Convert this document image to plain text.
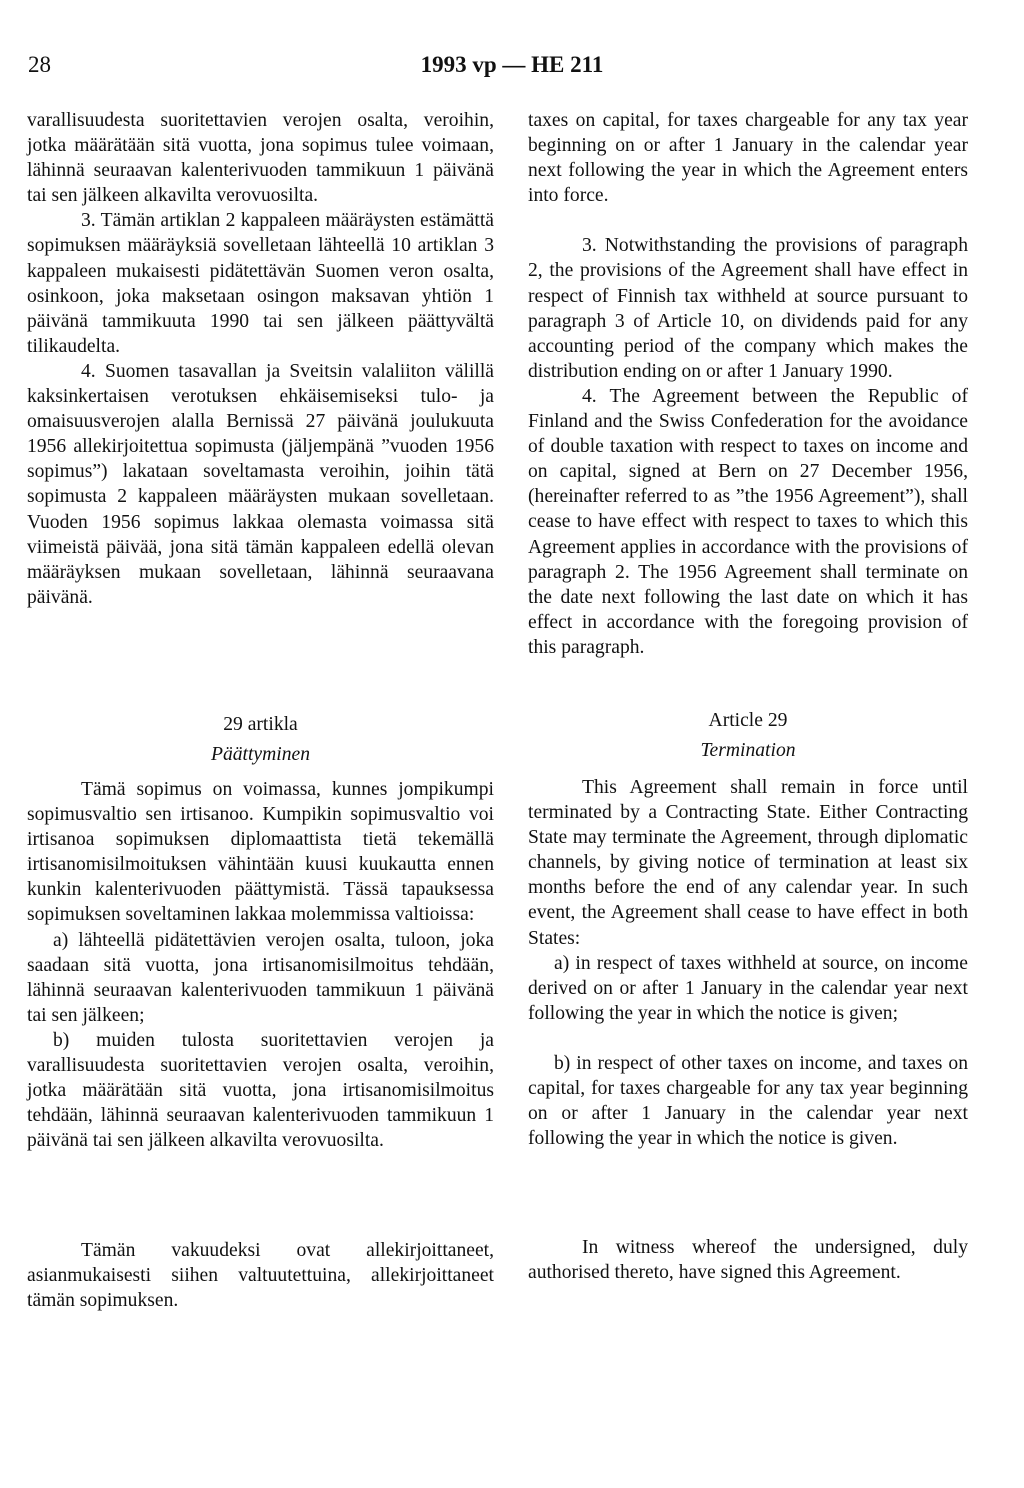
28	1993 vp — HE 211

varallisuudesta suoritettavien verojen osalta, veroihin, jotka määrätään sitä vuotta, jona sopimus tulee voimaan, lähinnä seuraavan kalenterivuoden tammikuun 1 päivänä tai sen jälkeen alkavilta verovuosilta.

3. Tämän artiklan 2 kappaleen määräysten estämättä sopimuksen määräyksiä sovelletaan lähteellä 10 artiklan 3 kappaleen mukaisesti pidätettävän Suomen veron osalta, osinkoon, joka maksetaan osingon maksavan yhtiön 1 päivänä tammikuuta 1990 tai sen jälkeen päättyvältä tilikaudelta.

4. Suomen tasavallan ja Sveitsin valaliiton välillä kaksinkertaisen verotuksen ehkäisemiseksi tulo- ja omaisuusverojen alalla Bernissä 27 päivänä joulukuuta 1956 allekirjoitettua sopimusta (jäljempänä ”vuoden 1956 sopimus”) lakataan soveltamasta veroihin, joihin tätä sopimusta 2 kappaleen määräysten mukaan sovelletaan. Vuoden 1956 sopimus lakkaa olemasta voimassa sitä viimeistä päivää, jona sitä tämän kappaleen edellä olevan määräyksen mukaan sovelletaan, lähinnä seuraavana päivänä.

taxes on capital, for taxes chargeable for any tax year beginning on or after 1 January in the calendar year next following the year in which the Agreement enters into force.

3. Notwithstanding the provisions of paragraph 2, the provisions of the Agreement shall have effect in respect of Finnish tax withheld at source pursuant to paragraph 3 of Article 10, on dividends paid for any accounting period of the company which makes the distribution ending on or after 1 January 1990.

4. The Agreement between the Republic of Finland and the Swiss Confederation for the avoidance of double taxation with respect to taxes on income and on capital, signed at Bern on 27 December 1956, (hereinafter referred to as ”the 1956 Agreement”), shall cease to have effect with respect to taxes to which this Agreement applies in accordance with the provisions of paragraph 2. The 1956 Agreement shall terminate on the date next following the last date on which it has effect in accordance with the foregoing provision of this paragraph.

29 artikla
Päättyminen
Article 29
Termination

Tämä sopimus on voimassa, kunnes jompikumpi sopimusvaltio sen irtisanoo. Kumpikin sopimusvaltio voi irtisanoa sopimuksen diplomaattista tietä tekemällä irtisanomisilmoituksen vähintään kuusi kuukautta ennen kunkin kalenterivuoden päättymistä. Tässä tapauksessa sopimuksen soveltaminen lakkaa molemmissa valtioissa:

a) lähteellä pidätettävien verojen osalta, tuloon, joka saadaan sitä vuotta, jona irtisanomisilmoitus tehdään, lähinnä seuraavan kalenterivuoden tammikuun 1 päivänä tai sen jälkeen;

b) muiden tulosta suoritettavien verojen ja varallisuudesta suoritettavien verojen osalta, veroihin, jotka määrätään sitä vuotta, jona irtisanomisilmoitus tehdään, lähinnä seuraavan kalenterivuoden tammikuun 1 päivänä tai sen jälkeen alkavilta verovuosilta.

This Agreement shall remain in force until terminated by a Contracting State. Either Contracting State may terminate the Agreement, through diplomatic channels, by giving notice of termination at least six months before the end of any calendar year. In such event, the Agreement shall cease to have effect in both States:

a) in respect of taxes withheld at source, on income derived on or after 1 January in the calendar year next following the year in which the notice is given;

b) in respect of other taxes on income, and taxes on capital, for taxes chargeable for any tax year beginning on or after 1 January in the calendar year next following the year in which the notice is given.

Tämän vakuudeksi ovat allekirjoittaneet, asianmukaisesti siihen valtuutettuina, allekirjoittaneet tämän sopimuksen.

In witness whereof the undersigned, duly authorised thereto, have signed this Agreement.
